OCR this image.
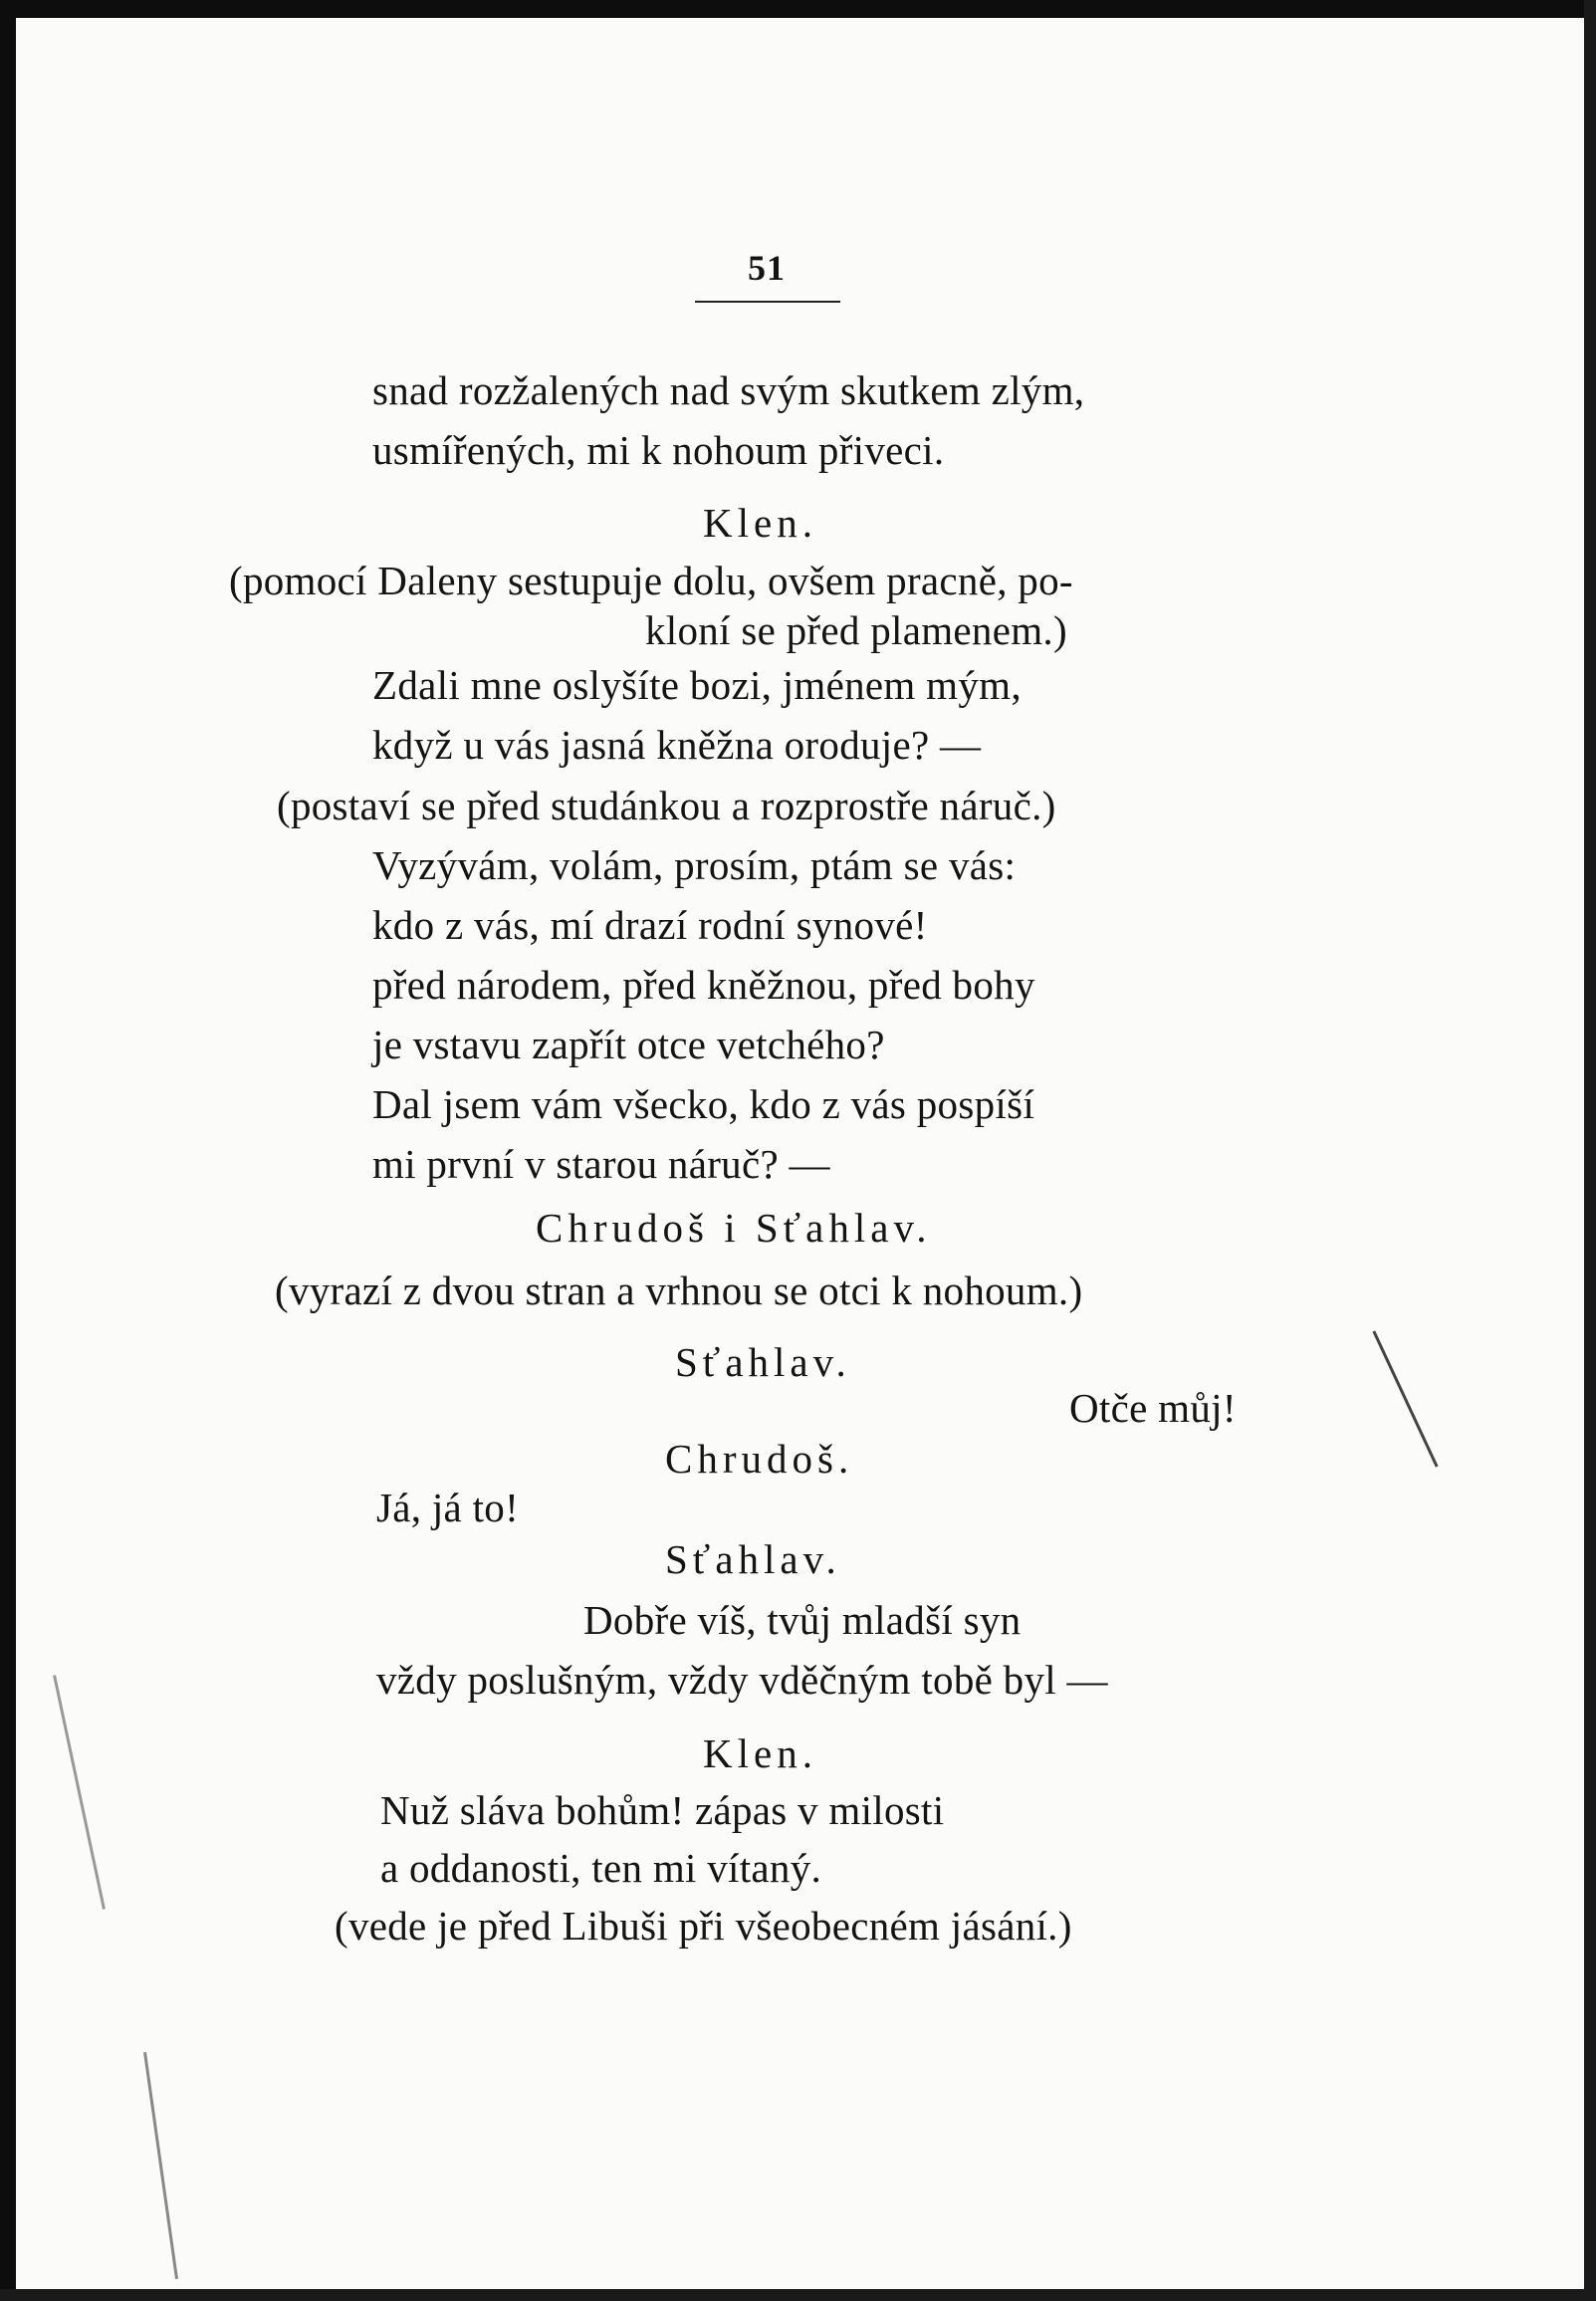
51
snad rozžalených nad svým skutkem zlým,
usmířených, mi k nohoum přiveci.
Klen.
(pomocí Daleny sestupuje dolu, ovšem pracně, po-
kloní se před plamenem.)
Zdali mne oslyšíte bozi, jménem mým,
když u vás jasná kněžna oroduje? —
(postaví se před studánkou a rozprostře náruč.)
Vyzývám, volám, prosím, ptám se vás:
kdo z vás, mí drazí rodní synové!
před národem, před kněžnou, před bohy
je vstavu zapřít otce vetchého?
Dal jsem vám všecko, kdo z vás pospíší
mi první v starou náruč? —
Chrudoš i Sťahlav.
(vyrazí z dvou stran a vrhnou se otci k nohoum.)
Sťahlav.
Otče můj!
Chrudoš.
Já, já to!
Sťahlav.
Dobře víš, tvůj mladší syn
vždy poslušným, vždy vděčným tobě byl —
Klen.
Nuž sláva bohům! zápas v milosti
a oddanosti, ten mi vítaný.
(vede je před Libuši při všeobecném jásání.)
